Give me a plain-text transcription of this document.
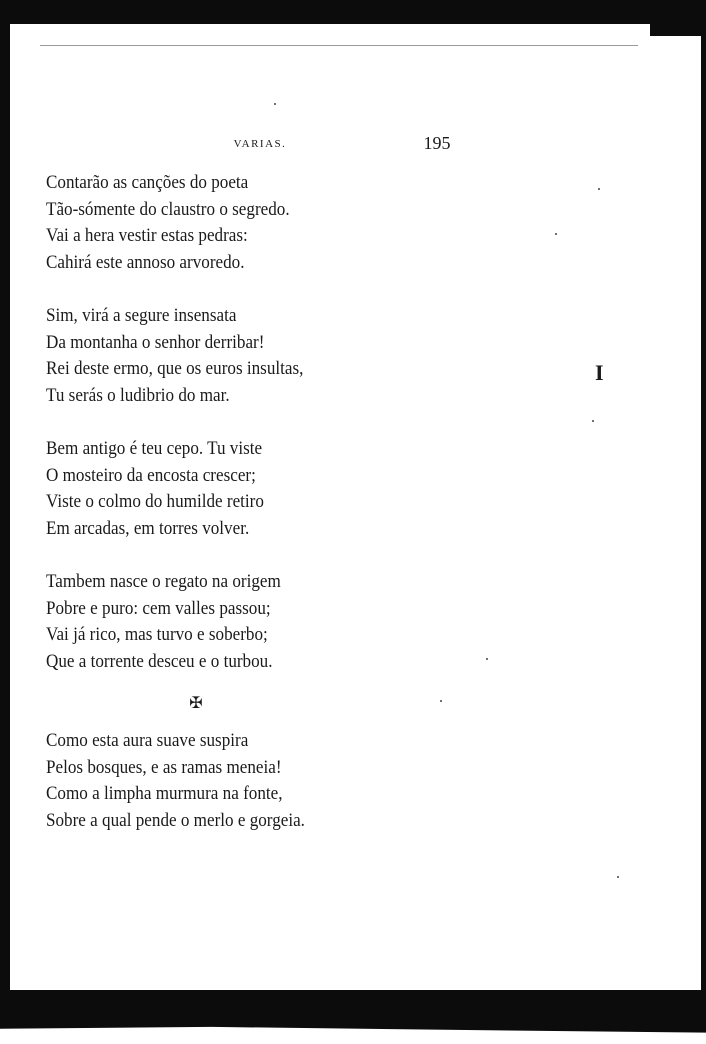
VARIAS.	195
Contarão as canções do poeta
Tão-sómente do claustro o segredo.
Vai a hera vestir estas pedras:
Cahirá este annoso arvoredo.
Sim, virá a segure insensata
Da montanha o senhor derribar!
Rei deste ermo, que os euros insultas,
Tu serás o ludibrio do mar.
Bem antigo é teu cepo. Tu viste
O mosteiro da encosta crescer;
Viste o colmo do humilde retiro
Em arcadas, em torres volver.
Tambem nasce o regato na origem
Pobre e puro: cem valles passou;
Vai já rico, mas turvo e soberbo;
Que a torrente desceu e o turbou.
✠
Como esta aura suave suspira
Pelos bosques, e as ramas meneia!
Como a limpha murmura na fonte,
Sobre a qual pende o merlo e gorgeia.
I
